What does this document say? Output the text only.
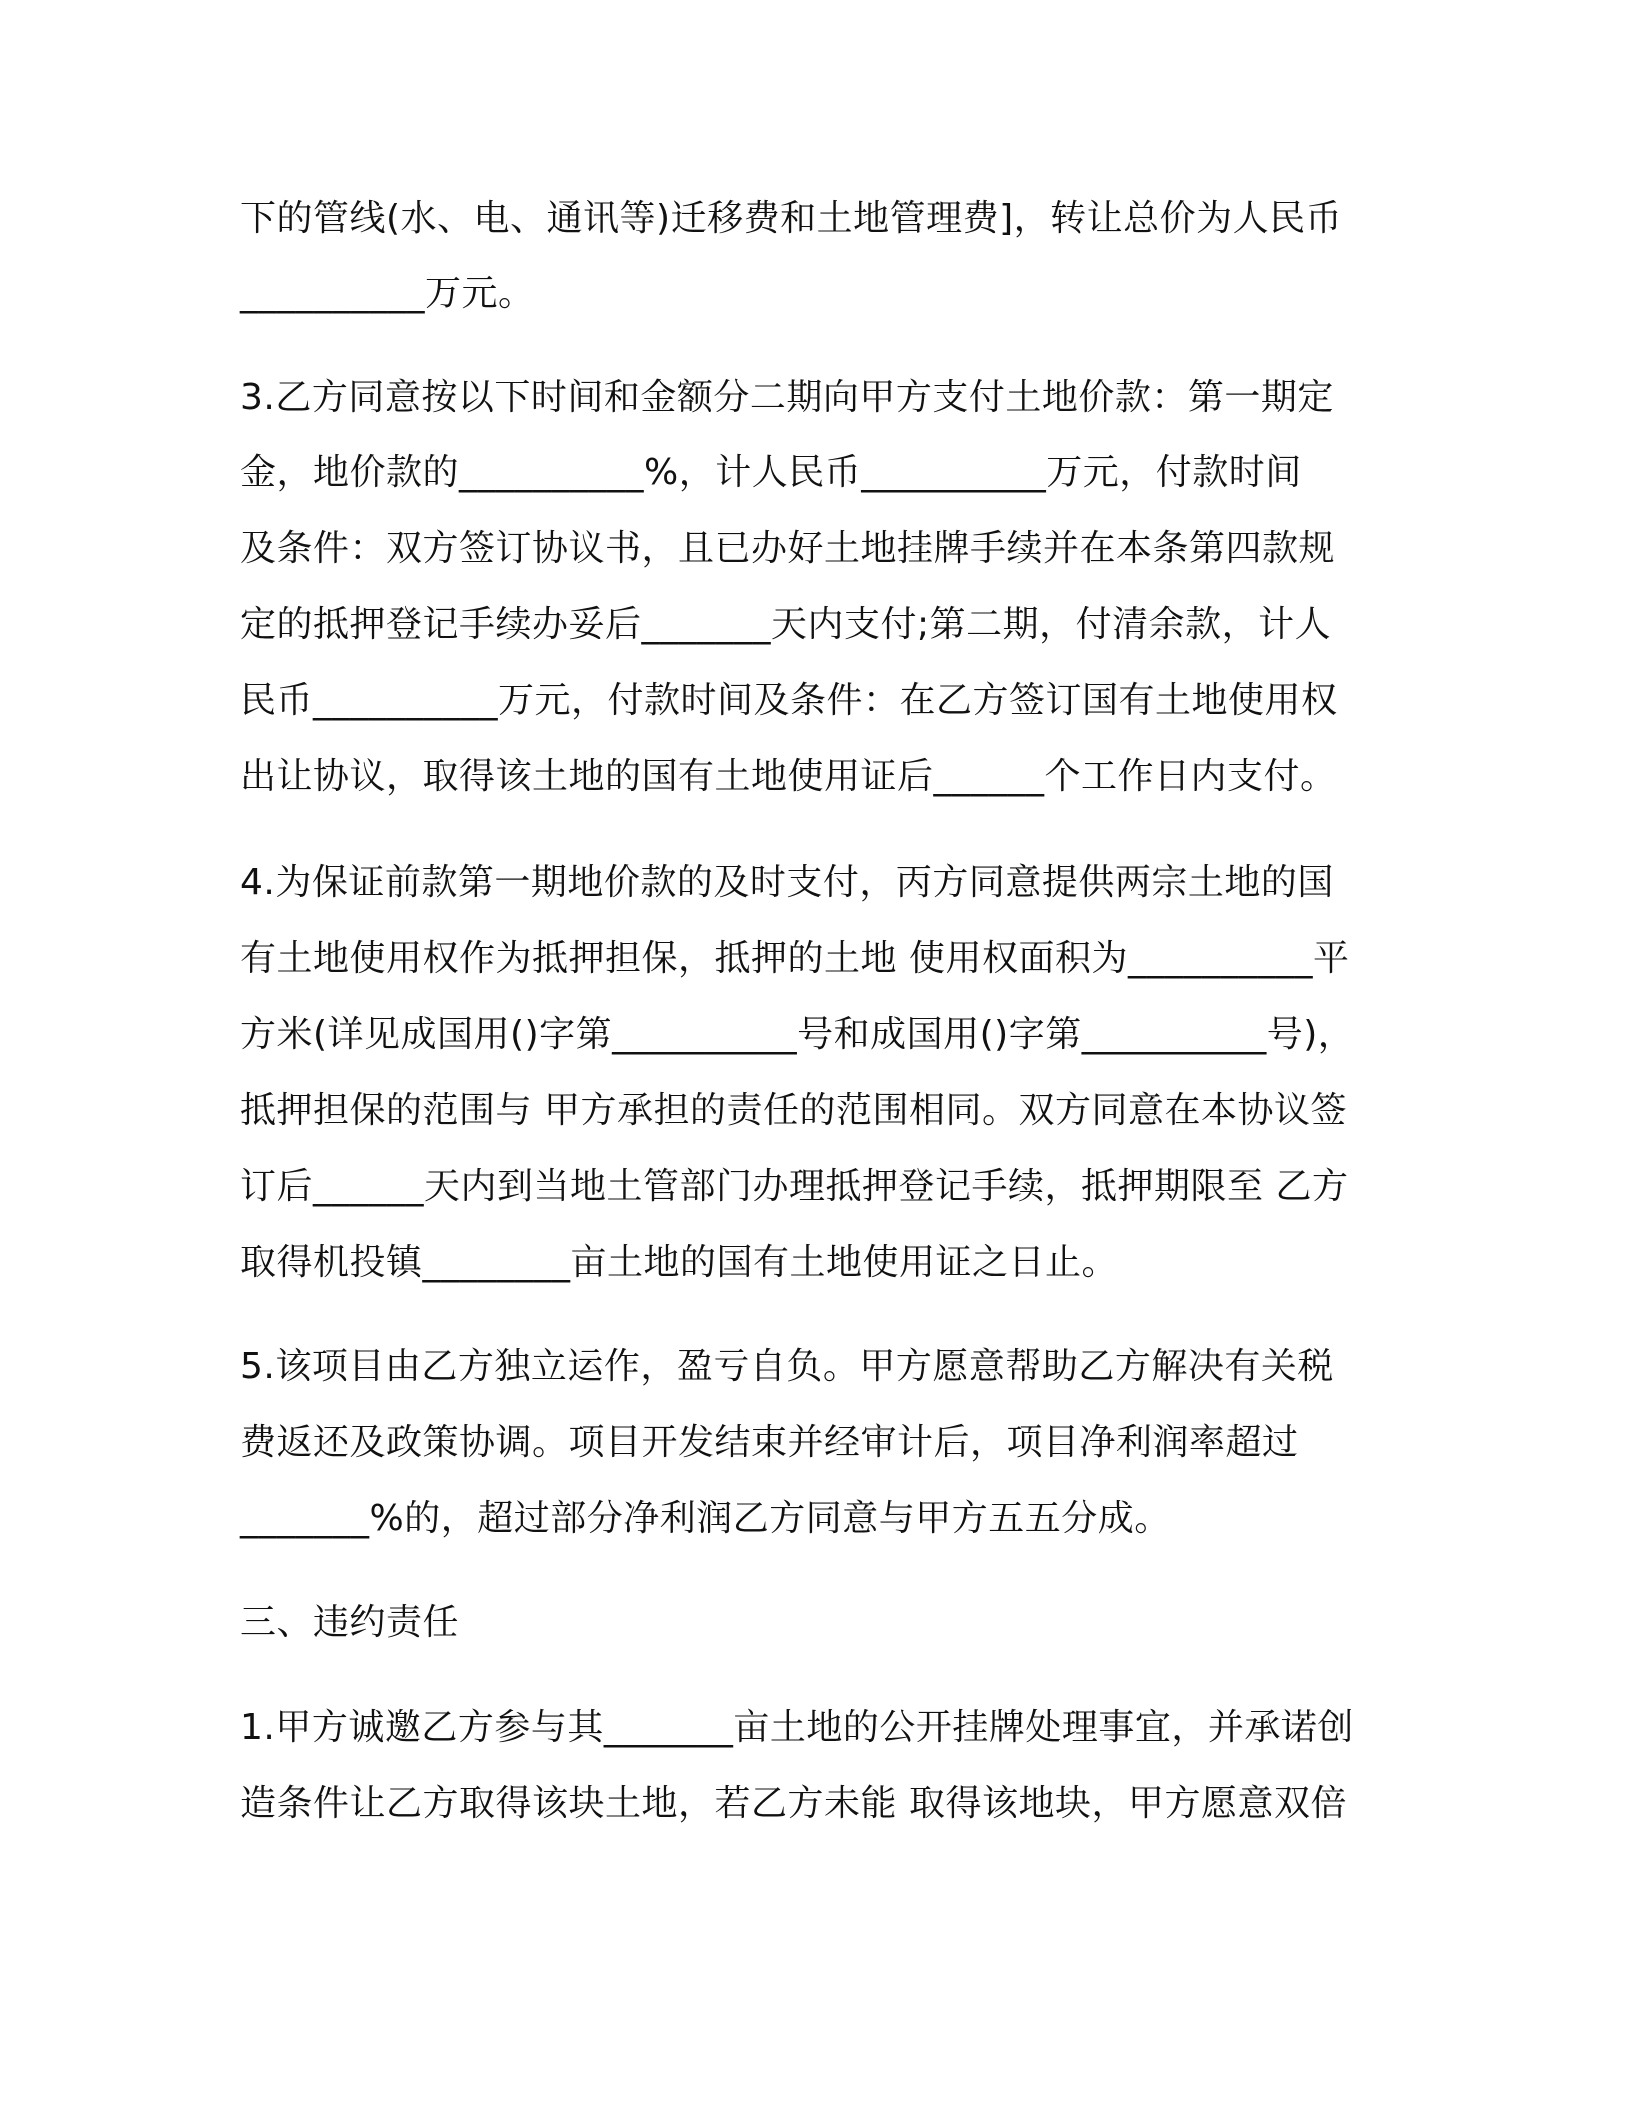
下的管线(水、电、通讯等)迁移费和土地管理费]，转让总价为人民币
__________万元。
3.乙方同意按以下时间和金额分二期向甲方支付土地价款：第一期定
金，地价款的__________%，计人民币__________万元，付款时间
及条件：双方签订协议书，且已办好土地挂牌手续并在本条第四款规
定的抵押登记手续办妥后_______天内支付;第二期，付清余款，计人
民币__________万元，付款时间及条件：在乙方签订国有土地使用权
出让协议，取得该土地的国有土地使用证后______个工作日内支付。
4.为保证前款第一期地价款的及时支付，丙方同意提供两宗土地的国
有土地使用权作为抵押担保，抵押的土地 使用权面积为__________平
方米(详见成国用()字第__________号和成国用()字第__________号)，
抵押担保的范围与 甲方承担的责任的范围相同。双方同意在本协议签
订后______天内到当地土管部门办理抵押登记手续，抵押期限至 乙方
取得机投镇________亩土地的国有土地使用证之日止。
5.该项目由乙方独立运作，盈亏自负。甲方愿意帮助乙方解决有关税
费返还及政策协调。项目开发结束并经审计后，项目净利润率超过
_______%的，超过部分净利润乙方同意与甲方五五分成。
三、违约责任
1.甲方诚邀乙方参与其_______亩土地的公开挂牌处理事宜，并承诺创
造条件让乙方取得该块土地，若乙方未能 取得该地块，甲方愿意双倍
